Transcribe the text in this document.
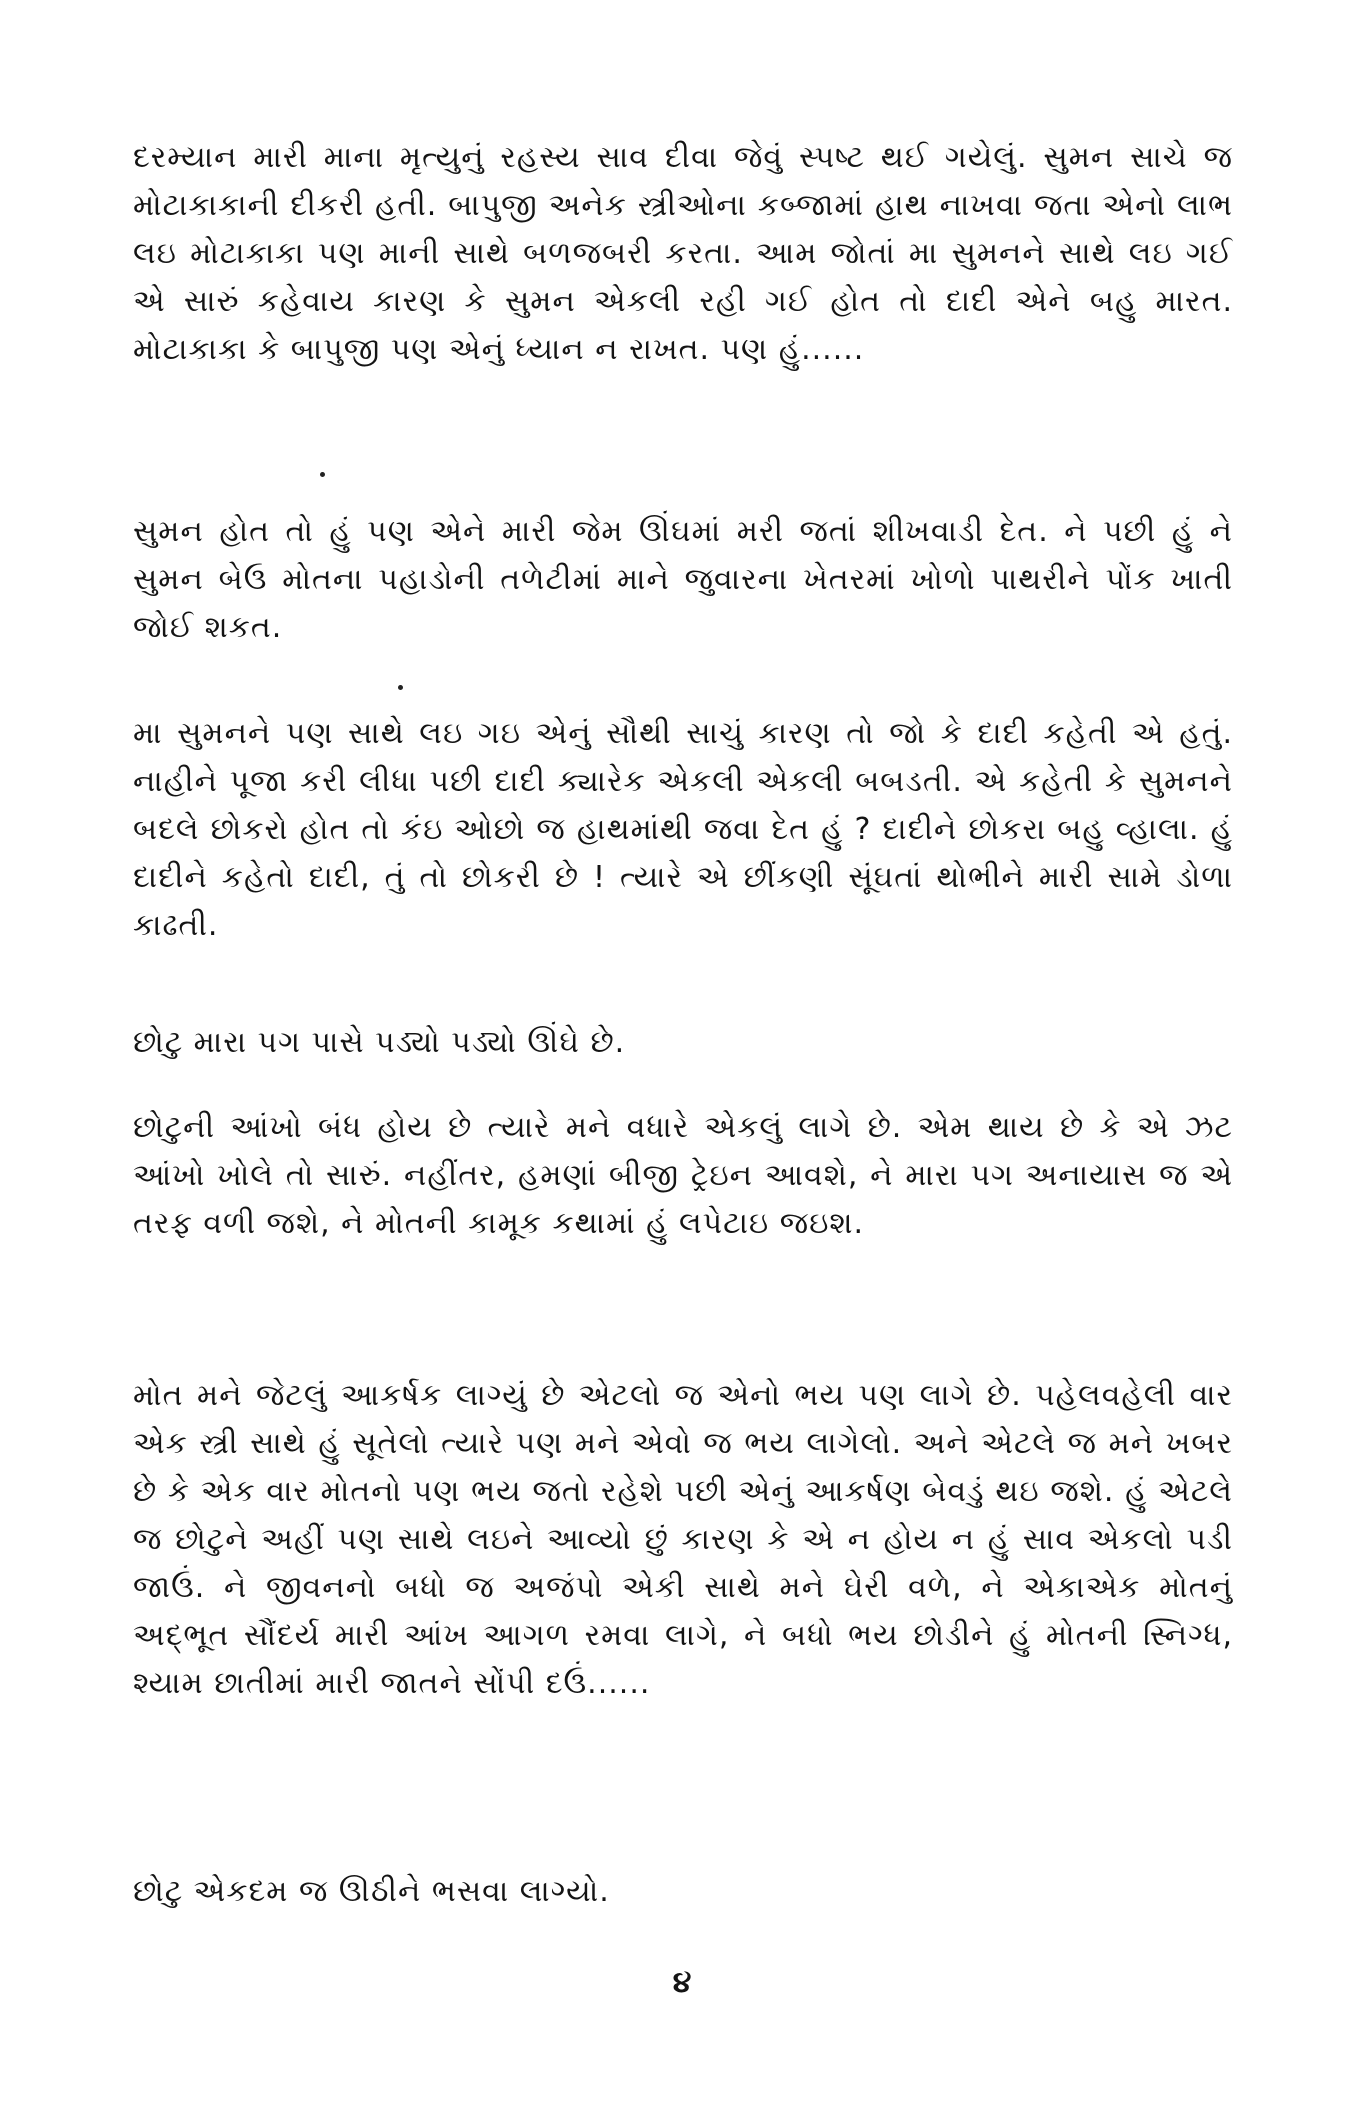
દરમ્યાન મારી માના મૃત્યુનું રહસ્ય સાવ દીવા જેવું સ્પષ્ટ થઈ ગયેલું. સુમન સાચે જ મોટાકાકાની દીકરી હતી. બાપુજી અનેક સ્ત્રીઓના કબ્જામાં હાથ નાખવા જતા એનો લાભ લઇ મોટાકાકા પણ માની સાથે બળજબરી કરતા. આમ જોતાં મા સુમનને સાથે લઇ ગઈ એ સારું કહેવાય કારણ કે સુમન એકલી રહી ગઈ હોત તો દાદી એને બહુ મારત. મોટાકાકા કે બાપુજી પણ એનું ધ્યાન ન રાખત. પણ હું......

સુમન હોત તો હું પણ એને મારી જેમ ઊંઘમાં મરી જતાં શીખવાડી દેત. ને પછી હું ને સુમન બેઉ મોતના પહાડોની તળેટીમાં માને જુવારના ખેતરમાં ખોળો પાથરીને પોંક ખાતી જોઈ શકત.

મા સુમનને પણ સાથે લઇ ગઇ એનું સૌથી સાચું કારણ તો જો કે દાદી કહેતી એ હતું. નાહીને પૂજા કરી લીધા પછી દાદી ક્યારેક એકલી એકલી બબડતી. એ કહેતી કે સુમનને બદલે છોકરો હોત તો કંઇ ઓછો જ હાથમાંથી જવા દેત હું ? દાદીને છોકરા બહુ વ્હાલા. હું દાદીને કહેતો દાદી, તું તો છોકરી છે ! ત્યારે એ છીંકણી સૂંઘતાં થોભીને મારી સામે ડોળા કાઢતી.

છોટુ મારા પગ પાસે પડ્યો પડ્યો ઊંઘે છે.

છોટુની આંખો બંધ હોય છે ત્યારે મને વધારે એકલું લાગે છે. એમ થાય છે કે એ ઝટ આંખો ખોલે તો સારું. નહીંતર, હમણાં બીજી ટ્રેઇન આવશે, ને મારા પગ અનાયાસ જ એ તરફ વળી જશે, ને મોતની કામૂક કથામાં હું લપેટાઇ જઇશ.

મોત મને જેટલું આકર્ષક લાગ્યું છે એટલો જ એનો ભય પણ લાગે છે. પહેલવહેલી વાર એક સ્ત્રી સાથે હું સૂતેલો ત્યારે પણ મને એવો જ ભય લાગેલો. અને એટલે જ મને ખબર છે કે એક વાર મોતનો પણ ભય જતો રહેશે પછી એનું આકર્ષણ બેવડું થઇ જશે. હું એટલે જ છોટુને અહીં પણ સાથે લઇને આવ્યો છું કારણ કે એ ન હોય ન હું સાવ એકલો પડી જાઉં. ને જીવનનો બધો જ અજંપો એકી સાથે મને ઘેરી વળે, ને એકાએક મોતનું અદ્ભૂત સૌંદર્ય મારી આંખ આગળ રમવા લાગે, ને બધો ભય છોડીને હું મોતની સ્નિગ્ધ, શ્યામ છાતીમાં મારી જાતને સોંપી દઉં......

છોટુ એકદમ જ ઊઠીને ભસવા લાગ્યો.

૪
